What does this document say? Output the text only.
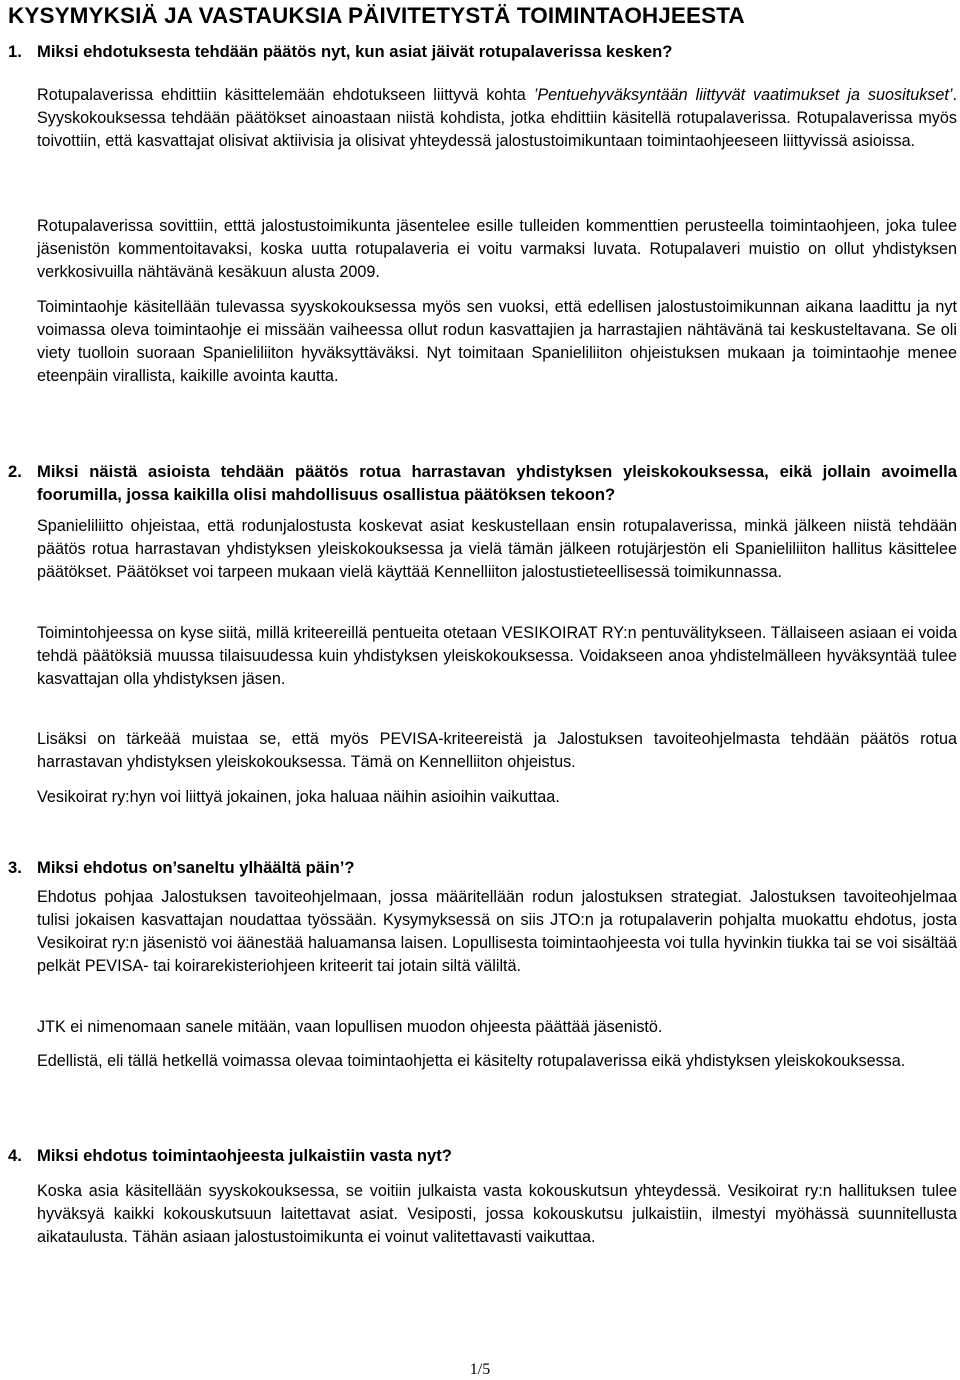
KYSYMYKSIÄ JA VASTAUKSIA PÄIVITETYSTÄ TOIMINTAOHJEESTA
1. Miksi ehdotuksesta tehdään päätös nyt, kun asiat jäivät rotupalaverissa kesken?

Rotupalaverissa ehdittiin käsittelemään ehdotukseen liittyvä kohta ’Pentuehyväksyntään liittyvät vaatimukset ja suositukset’. Syyskokouksessa tehdään päätökset ainoastaan niistä kohdista, jotka ehdittiin käsitellä rotupalaverissa. Rotupalaverissa myös toivottiin, että kasvattajat olisivat aktiivisia ja olisivat yhteydessä jalostustoimikuntaan toimintaohjeeseen liittyvissä asioissa.

Rotupalaverissa sovittiin, etttä jalostustoimikunta jäsentelee esille tulleiden kommenttien perusteella toimintaohjeen, joka tulee jäsenistön kommentoitavaksi, koska uutta rotupalaveria ei voitu varmaksi luvata. Rotupalaveri muistio on ollut yhdistyksen verkkosivuilla nähtävänä kesäkuun alusta 2009.

Toimintaohje käsitellään tulevassa syyskokouksessa myös sen vuoksi, että edellisen jalostustoimikunnan aikana laadittu ja nyt voimassa oleva toimintaohje ei missään vaiheessa ollut rodun kasvattajien ja harrastajien nähtävänä tai keskusteltavana. Se oli viety tuolloin suoraan Spanieliliiton hyväksyttäväksi. Nyt toimitaan Spanieliliiton ohjeistuksen mukaan ja toimintaohje menee eteenpäin virallista, kaikille avointa kautta.

2. Miksi näistä asioista tehdään päätös rotua harrastavan yhdistyksen yleiskokouksessa, eikä jollain avoimella foorumilla, jossa kaikilla olisi mahdollisuus osallistua päätöksen tekoon?

Spanieliliitto ohjeistaa, että rodunjalostusta koskevat asiat keskustellaan ensin rotupalaverissa, minkä jälkeen niistä tehdään päätös rotua harrastavan yhdistyksen yleiskokouksessa ja vielä tämän jälkeen rotujärjestön eli Spanieliliiton hallitus käsittelee päätökset. Päätökset voi tarpeen mukaan vielä käyttää Kennelliiton jalostustieteellisessä toimikunnassa.

Toimintohjeessa on kyse siitä, millä kriteereillä pentueita otetaan VESIKOIRAT RY:n pentuvälitykseen. Tällaiseen asiaan ei voida tehdä päätöksiä muussa tilaisuudessa kuin yhdistyksen yleiskokouksessa. Voidakseen anoa yhdistelmälleen hyväksyntää tulee kasvattajan olla yhdistyksen jäsen.

Lisäksi on tärkeää muistaa se, että myös PEVISA-kriteereistä ja Jalostuksen tavoiteohjelmasta tehdään päätös rotua harrastavan yhdistyksen yleiskokouksessa. Tämä on Kennelliiton ohjeistus.

Vesikoirat ry:hyn voi liittyä jokainen, joka haluaa näihin asioihin vaikuttaa.

3. Miksi ehdotus on’saneltu ylhäältä päin’?

Ehdotus pohjaa Jalostuksen tavoiteohjelmaan, jossa määritellään rodun jalostuksen strategiat. Jalostuksen tavoiteohjelmaa tulisi jokaisen kasvattajan noudattaa työssään. Kysymyksessä on siis JTO:n ja rotupalaverin pohjalta muokattu ehdotus, josta Vesikoirat ry:n jäsenistö voi äänestää haluamansa laisen. Lopullisesta toimintaohjeesta voi tulla hyvinkin tiukka tai se voi sisältää pelkät PEVISA- tai koirarekisteriohjeen kriteerit tai jotain siltä väliltä.

JTK ei nimenomaan sanele mitään, vaan lopullisen muodon ohjeesta päättää jäsenistö.

Edellistä, eli tällä hetkellä voimassa olevaa toimintaohjetta ei käsitelty rotupalaverissa eikä yhdistyksen yleiskokouksessa.

4. Miksi ehdotus toimintaohjeesta julkaistiin vasta nyt?

Koska asia käsitellään syyskokouksessa, se voitiin julkaista vasta kokouskutsun yhteydessä. Vesikoirat ry:n hallituksen tulee hyväksyä kaikki kokouskutsuun laitettavat asiat. Vesiposti, jossa kokouskutsu julkaistiin, ilmestyi myöhässä suunnitellusta aikataulusta. Tähän asiaan jalostustoimikunta ei voinut valitettavasti vaikuttaa.

1/5
